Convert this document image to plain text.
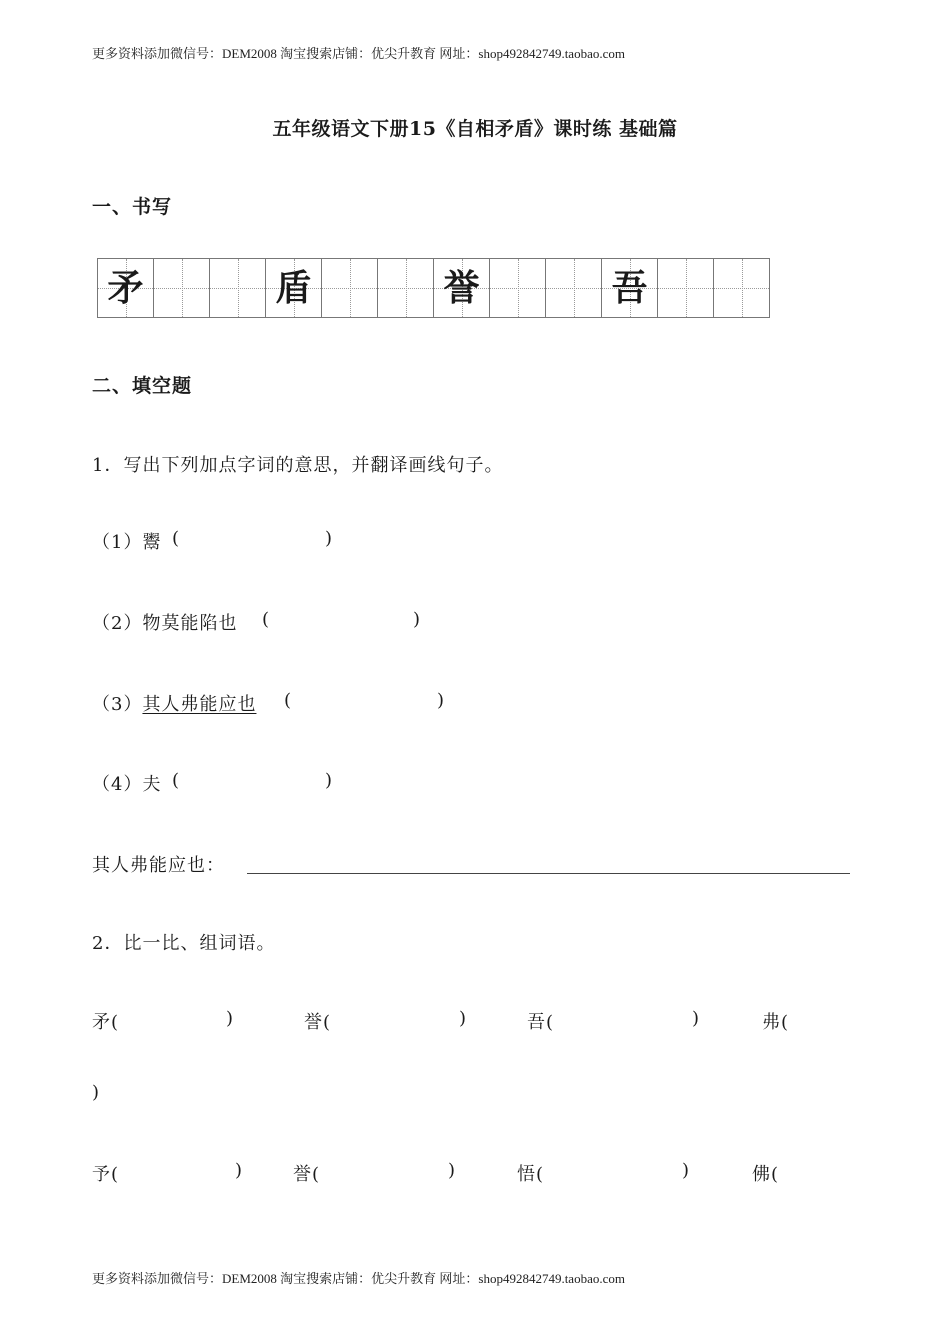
更多资料添加微信号：DEM2008 淘宝搜索店铺：优尖升教育 网址：shop492842749.taobao.com
五年级语文下册15《自相矛盾》课时练 基础篇
一、书写
矛	盾	誉	吾
二、填空题
1．写出下列加点字词的意思，并翻译画线句子。
（1）鬻 (	)
（2）物莫能陷也 (	)
（3）其人弗能应也 (	)
（4）夫 (	)
其人弗能应也：
2．比一比、组词语。
矛(	)	誉(	)	吾(	)	弗(
)
予(	)	誉(	)	悟(	)	佛(
更多资料添加微信号：DEM2008 淘宝搜索店铺：优尖升教育 网址：shop492842749.taobao.com
